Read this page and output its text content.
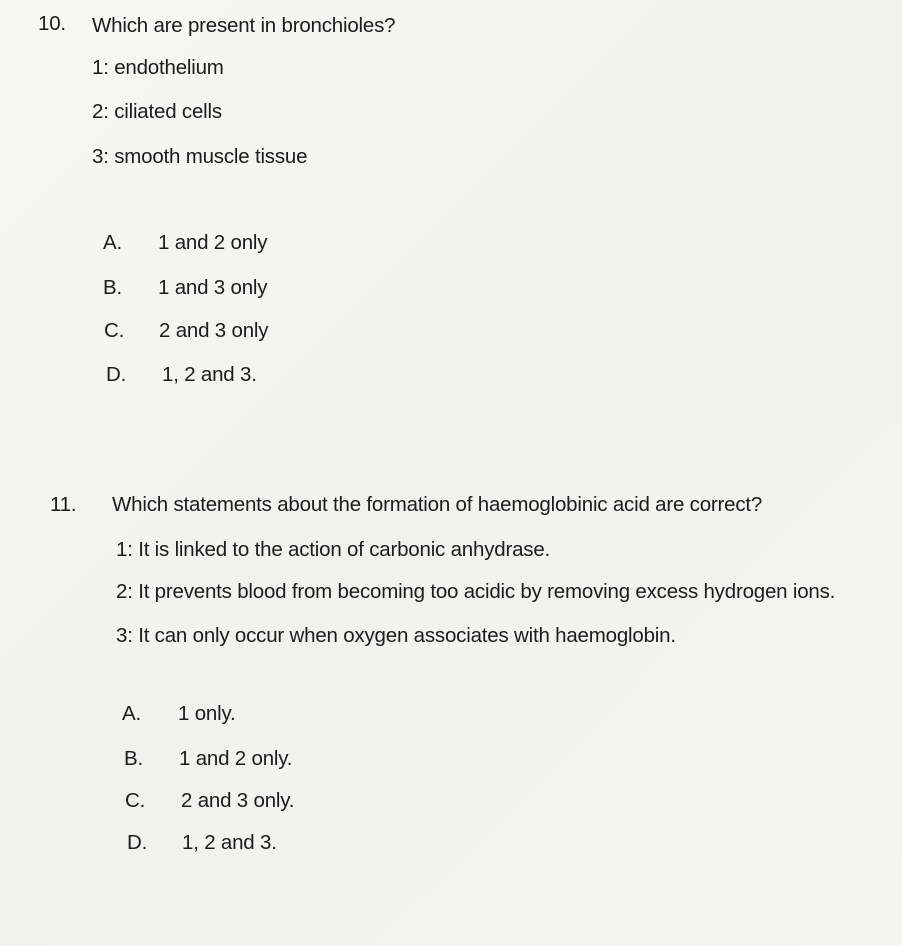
10. Which are present in bronchioles?
1: endothelium
2: ciliated cells
3: smooth muscle tissue
A. 1 and 2 only
B. 1 and 3 only
C. 2 and 3 only
D. 1, 2 and 3.
11. Which statements about the formation of haemoglobinic acid are correct?
1: It is linked to the action of carbonic anhydrase.
2: It prevents blood from becoming too acidic by removing excess hydrogen ions.
3: It can only occur when oxygen associates with haemoglobin.
A. 1 only.
B. 1 and 2 only.
C. 2 and 3 only.
D. 1, 2 and 3.
